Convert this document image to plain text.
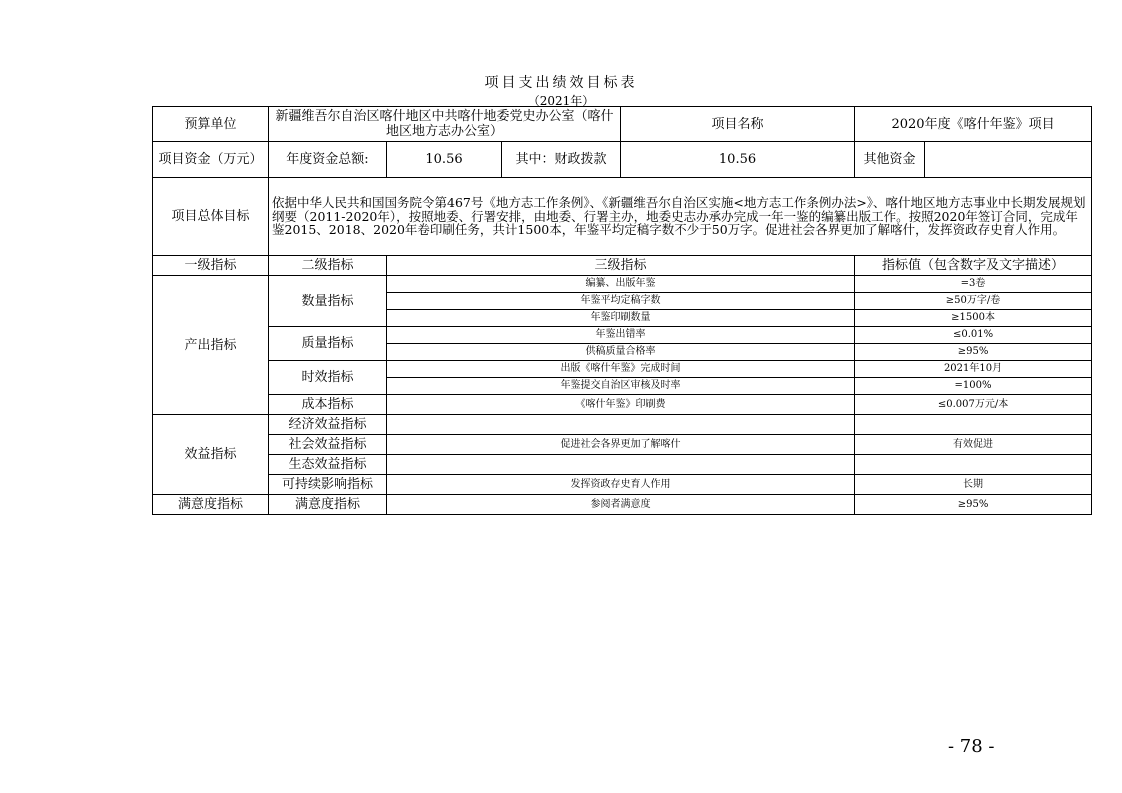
项目支出绩效目标表
（2021年）
预算单位	新疆维吾尔自治区喀什地区中共喀什地委党史办公室（喀什地区地方志办公室）			项目名称	2020年度《喀什年鉴》项目	
项目资金（万元）	年度资金总额:	10.56	其中：财政拨款	10.56	其他资金	
项目总体目标	依据中华人民共和国国务院令第467号《地方志工作条例》、《新疆维吾尔自治区实施<地方志工作条例办法>》、喀什地区地方志事业中长期发展规划纲要（2011-2020年），按照地委、行署安排，由地委、行署主办，地委史志办承办完成一年一鉴的编纂出版工作。按照2020年签订合同，完成年鉴2015、2018、2020年卷印刷任务，共计1500本，年鉴平均定稿字数不少于50万字。促进社会各界更加了解喀什，发挥资政存史育人作用。					
一级指标	二级指标	三级指标			指标值（包含数字及文字描述）	
产出指标	数量指标	编纂、出版年鉴			=3卷	
		年鉴平均定稿字数			≥50万字/卷	
		年鉴印刷数量			≥1500本	
	质量指标	年鉴出错率			≤0.01%	
		供稿质量合格率			≥95%	
	时效指标	出版《喀什年鉴》完成时间			2021年10月	
		年鉴提交自治区审核及时率			=100%	
	成本指标	《喀什年鉴》印刷费			≤0.007万元/本	
效益指标	经济效益指标					
	社会效益指标	促进社会各界更加了解喀什			有效促进	
	生态效益指标					
	可持续影响指标	发挥资政存史育人作用			长期	
满意度指标	满意度指标	参阅者满意度			≥95%	
- 78 -
